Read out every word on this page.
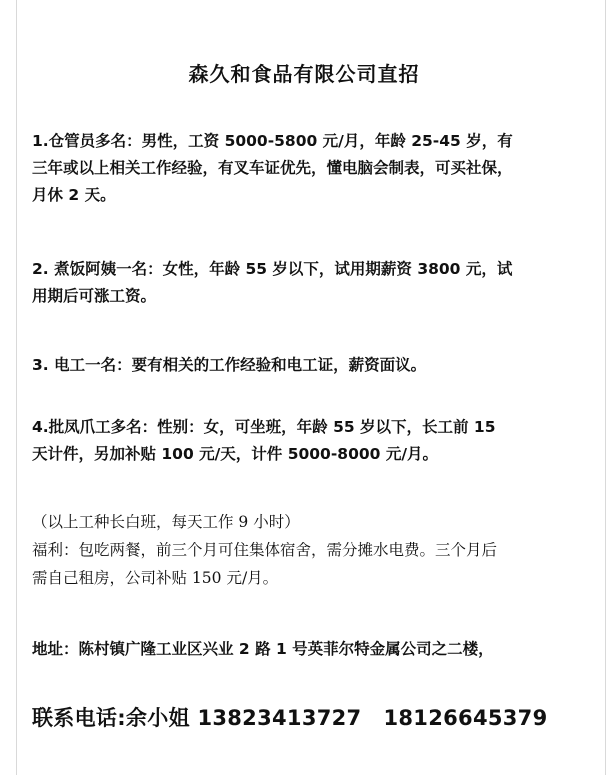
森久和食品有限公司直招

1.仓管员多名：男性，工资 5000-5800 元/月，年龄 25-45 岁，有

三年或以上相关工作经验，有叉车证优先，懂电脑会制表，可买社保，

月休 2 天。

2. 煮饭阿姨一名：女性，年龄 55 岁以下，试用期薪资 3800 元，试

用期后可涨工资。

3. 电工一名：要有相关的工作经验和电工证，薪资面议。

4.批凤爪工多名：性别：女，可坐班，年龄 55 岁以下，长工前 15

天计件，另加补贴 100 元/天，计件 5000-8000 元/月。

（以上工种长白班，每天工作 9 小时）

福利：包吃两餐，前三个月可住集体宿舍，需分摊水电费。三个月后

需自己租房，公司补贴 150 元/月。

地址：陈村镇广隆工业区兴业 2 路 1 号英菲尔特金属公司之二楼，

联系电话:余小姐 13823413727 18126645379
